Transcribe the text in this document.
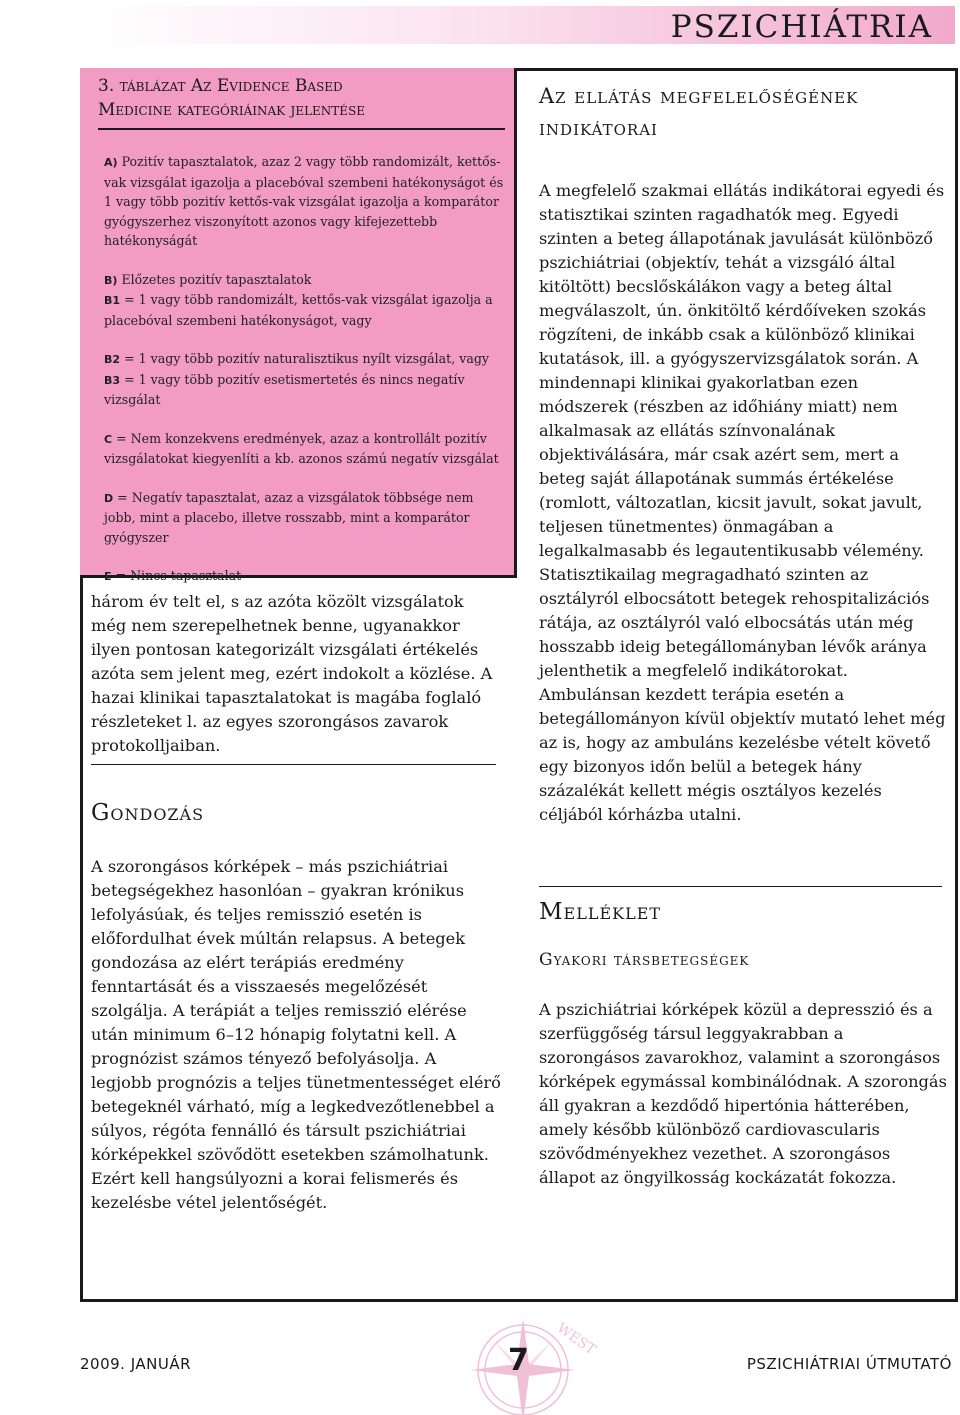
PSZICHIÁTRIA
3. táblázat Az Evidence Based
Medicine kategóriáinak jelentése

A) Pozitív tapasztalatok, azaz 2 vagy több randomizált, kettős-vak vizsgálat igazolja a placebóval szembeni hatékonyságot és 1 vagy több pozitív kettős-vak vizsgálat igazolja a komparátor gyógyszerhez viszonyított azonos vagy kifejezettebb hatékonyságát

B) Előzetes pozitív tapasztalatok

B1 = 1 vagy több randomizált, kettős-vak vizsgálat igazolja a placebóval szembeni hatékonyságot, vagy

B2 = 1 vagy több pozitív naturalisztikus nyílt vizsgálat, vagy

B3 = 1 vagy több pozitív esetismertetés és nincs negatív vizsgálat

C = Nem konzekvens eredmények, azaz a kontrollált pozitív vizsgálatokat kiegyenlíti a kb. azonos számú negatív vizsgálat

D = Negatív tapasztalat, azaz a vizsgálatok többsége nem jobb, mint a placebo, illetve rosszabb, mint a komparátor gyógyszer

E = Nincs tapasztalat

három év telt el, s az azóta közölt vizsgálatok még nem szerepelhetnek benne, ugyanakkor ilyen pontosan kategorizált vizsgálati értékelés azóta sem jelent meg, ezért indokolt a közlése. A hazai klinikai tapasztalatokat is magába foglaló részleteket l. az egyes szorongásos zavarok protokolljaiban.

Gondozás

A szorongásos kórképek – más pszichiátriai betegségekhez hasonlóan – gyakran krónikus lefolyásúak, és teljes remisszió esetén is előfordulhat évek múltán relapsus. A betegek gondozása az elért terápiás eredmény fenntartását és a visszaesés megelőzését szolgálja. A terápiát a teljes remisszió elérése után minimum 6–12 hónapig folytatni kell. A prognózist számos tényező befolyásolja. A legjobb prognózis a teljes tünetmentességet elérő betegeknél várható, míg a legkedvezőtlenebbel a súlyos, régóta fennálló és társult pszichiátriai kórképekkel szövődött esetekben számolhatunk. Ezért kell hangsúlyozni a korai felismerés és kezelésbe vétel jelentőségét.

Az ellátás megfelelőségének indikátorai

A megfelelő szakmai ellátás indikátorai egyedi és statisztikai szinten ragadhatók meg. Egyedi szinten a beteg állapotának javulását különböző pszichiátriai (objektív, tehát a vizsgáló által kitöltött) becslőskálákon vagy a beteg által megválaszolt, ún. önkitöltő kérdőíveken szokás rögzíteni, de inkább csak a különböző klinikai kutatások, ill. a gyógyszervizsgálatok során. A mindennapi klinikai gyakorlatban ezen módszerek (részben az időhiány miatt) nem alkalmasak az ellátás színvonalának objektiválására, már csak azért sem, mert a beteg saját állapotának summás értékelése (romlott, változatlan, kicsit javult, sokat javult, teljesen tünetmentes) önmagában a legalkalmasabb és legautentikusabb vélemény. Statisztikailag megragadható szinten az osztályról elbocsátott betegek rehospitalizációs rátája, az osztályról való elbocsátás után még hosszabb ideig betegállományban lévők aránya jelenthetik a megfelelő indikátorokat. Ambulánsan kezdett terápia esetén a betegállományon kívül objektív mutató lehet még az is, hogy az ambuláns kezelésbe vételt követő egy bizonyos időn belül a betegek hány százalékát kellett mégis osztályos kezelés céljából kórházba utalni.

Melléklet
Gyakori társbetegségek

A pszichiátriai kórképek közül a depresszió és a szerfüggőség társul leggyakrabban a szorongásos zavarokhoz, valamint a szorongásos kórképek egymással kombinálódnak. A szorongás áll gyakran a kezdődő hipertónia hátterében, amely később különböző cardiovascularis szövődményekhez vezethet. A szorongásos állapot az öngyilkosság kockázatát fokozza.

WEST
2009. JANUÁR	7	PSZICHIÁTRIAI ÚTMUTATÓ
